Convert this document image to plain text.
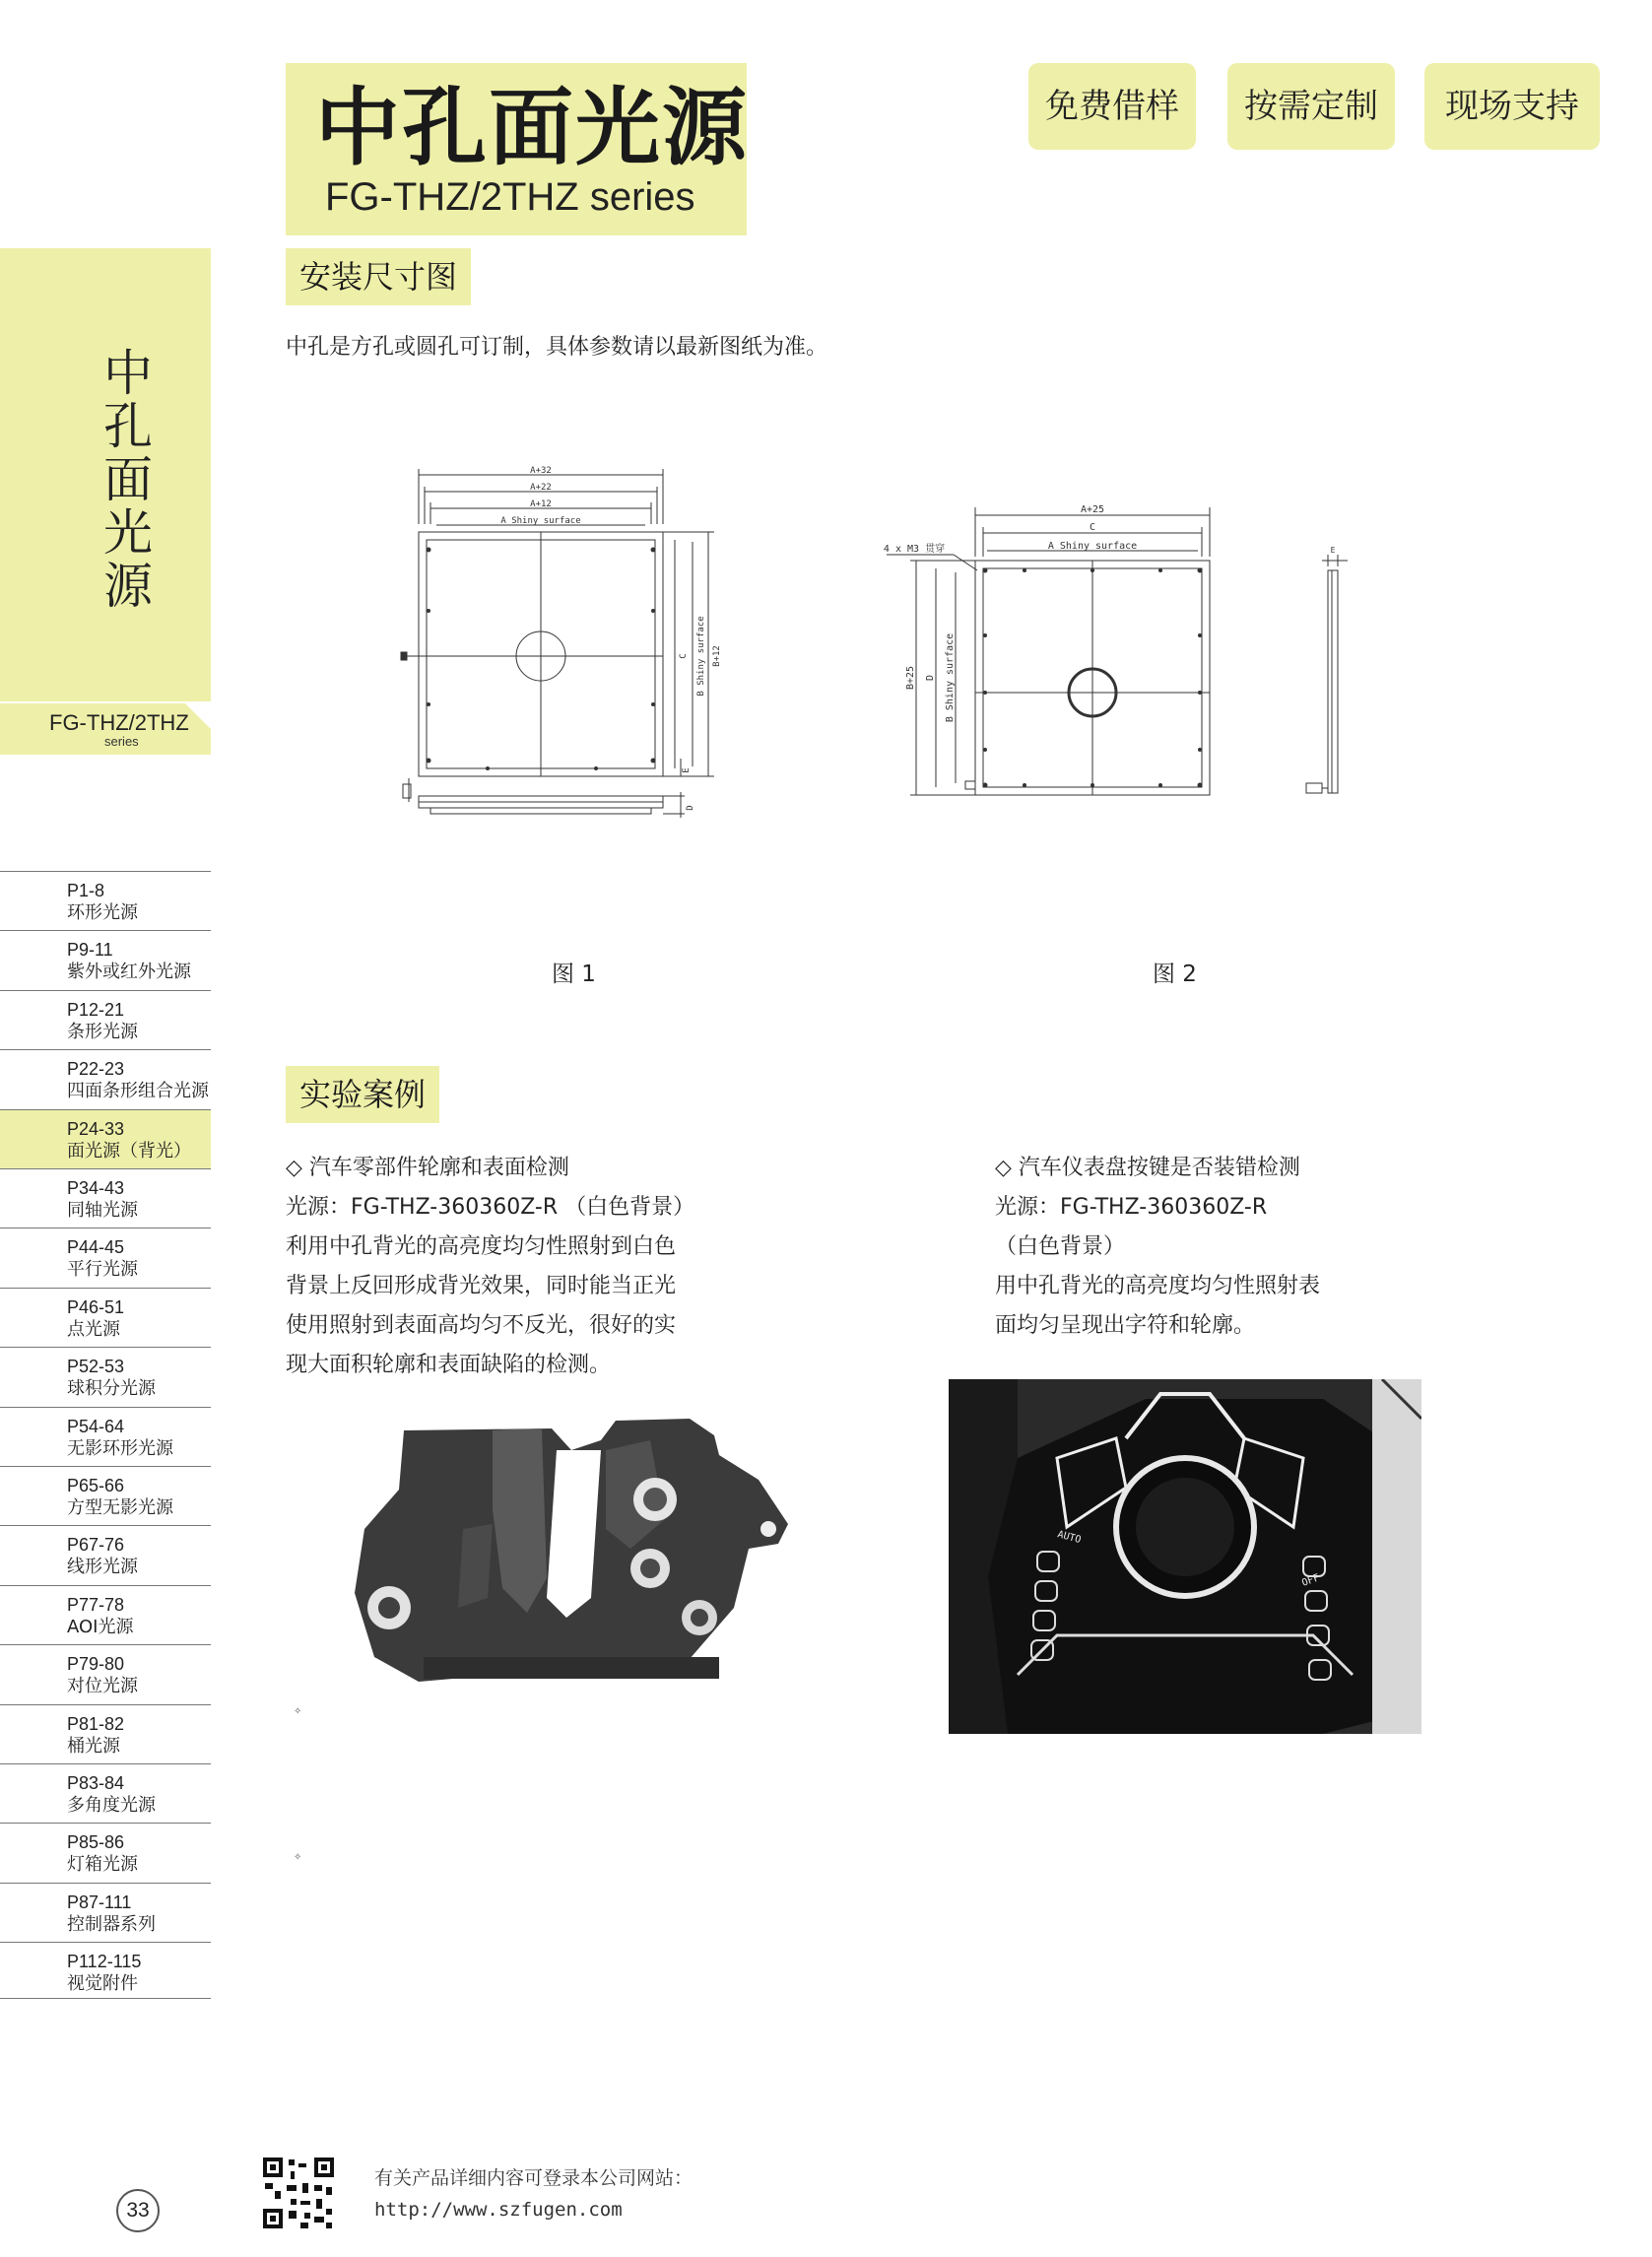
中孔面光源
FG-THZ/2THZ series
免费借样	按需定制	现场支持
中
孔
面
光
源
FG-THZ/2THZ
series
P1-8
环形光源
P9-11
紫外或红外光源
P12-21
条形光源
P22-23
四面条形组合光源
P24-33
面光源（背光）
P34-43
同轴光源
P44-45
平行光源
P46-51
点光源
P52-53
球积分光源
P54-64
无影环形光源
P65-66
方型无影光源
P67-76
线形光源
P77-78
AOI光源
P79-80
对位光源
P81-82
桶光源
P83-84
多角度光源
P85-86
灯箱光源
P87-111
控制器系列
P112-115
视觉附件
安装尺寸图
中孔是方孔或圆孔可订制，具体参数请以最新图纸为准。
A+32
A+22
A+12
A Shiny surface
C B Shiny surface B+12
E
D
A+25
C
A Shiny surface
4 x M3 贯穿
B+25 D B Shiny surface
E
图 1	图 2
实验案例
◇ 汽车零部件轮廓和表面检测
光源：FG-THZ-360360Z-R （白色背景）
利用中孔背光的高亮度均匀性照射到白色
背景上反回形成背光效果，同时能当正光
使用照射到表面高均匀不反光，很好的实
现大面积轮廓和表面缺陷的检测。
◇ 汽车仪表盘按键是否装错检测
光源：FG-THZ-360360Z-R
（白色背景）
用中孔背光的高亮度均匀性照射表
面均匀呈现出字符和轮廓。
✧
✧
AUTO
OFF
有关产品详细内容可登录本公司网站：
http://www.szfugen.com
33
